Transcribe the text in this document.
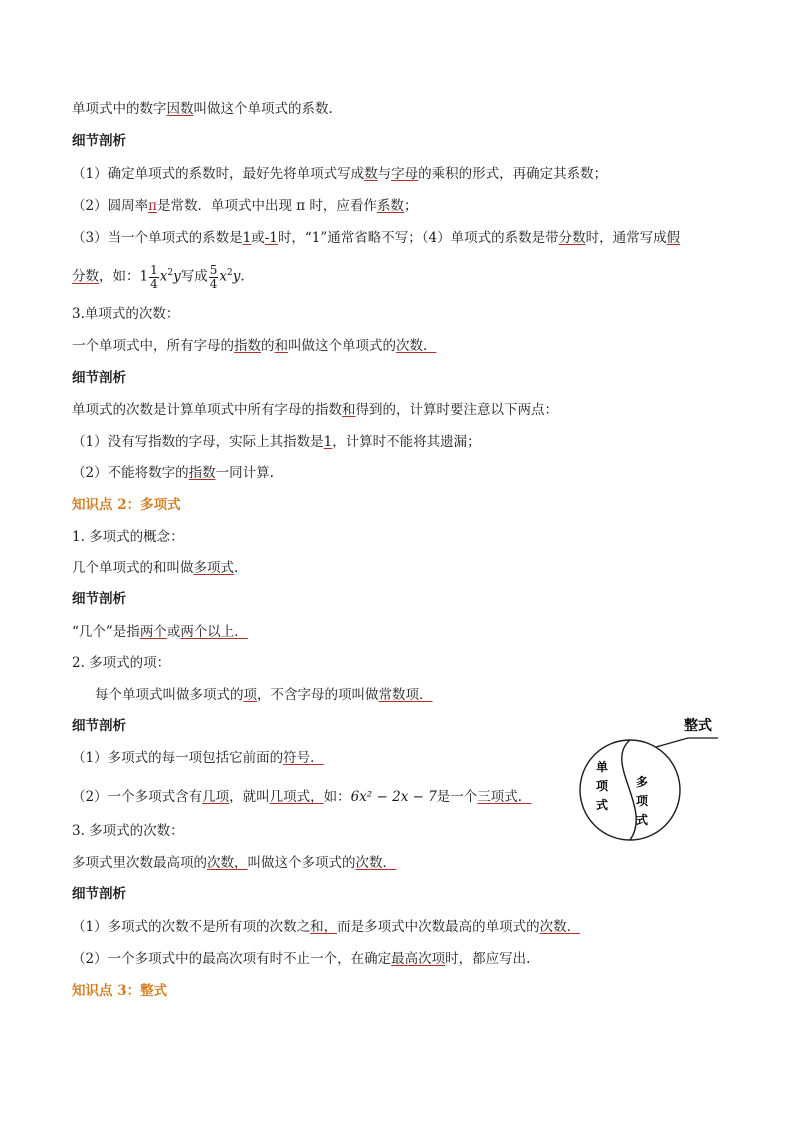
单项式中的数字因数叫做这个单项式的系数.
细节剖析
（1）确定单项式的系数时，最好先将单项式写成数与字母的乘积的形式，再确定其系数；
（2）圆周率π是常数．单项式中出现 π 时，应看作系数；
（3）当一个单项式的系数是1或-1时，“1”通常省略不写；（4）单项式的系数是带分数时，通常写成假
分数，如：$1 \frac{1}{4} x^2y$写成 $\frac{5}{4} x^2y$.
3.单项式的次数：
一个单项式中，所有字母的指数的和叫做这个单项式的次数．
细节剖析
单项式的次数是计算单项式中所有字母的指数和得到的，计算时要注意以下两点：
（1）没有写指数的字母，实际上其指数是1，计算时不能将其遗漏；
（2）不能将数字的指数一同计算.
知识点 2：多项式
1. 多项式的概念：
几个单项式的和叫做多项式.
细节剖析
“几个”是指两个或两个以上．
2. 多项式的项：
每个单项式叫做多项式的项，不含字母的项叫做常数项．
细节剖析
（1）多项式的每一项包括它前面的符号．
（2）一个多项式含有几项，就叫几项式，如：6x² − 2x − 7是一个三项式．
3. 多项式的次数：
多项式里次数最高项的次数，叫做这个多项式的次数．
细节剖析
（1）多项式的次数不是所有项的次数之和，而是多项式中次数最高的单项式的次数．
（2）一个多项式中的最高次项有时不止一个，在确定最高次项时，都应写出.
知识点 3：整式
整式
单
项
式
多
项
式
